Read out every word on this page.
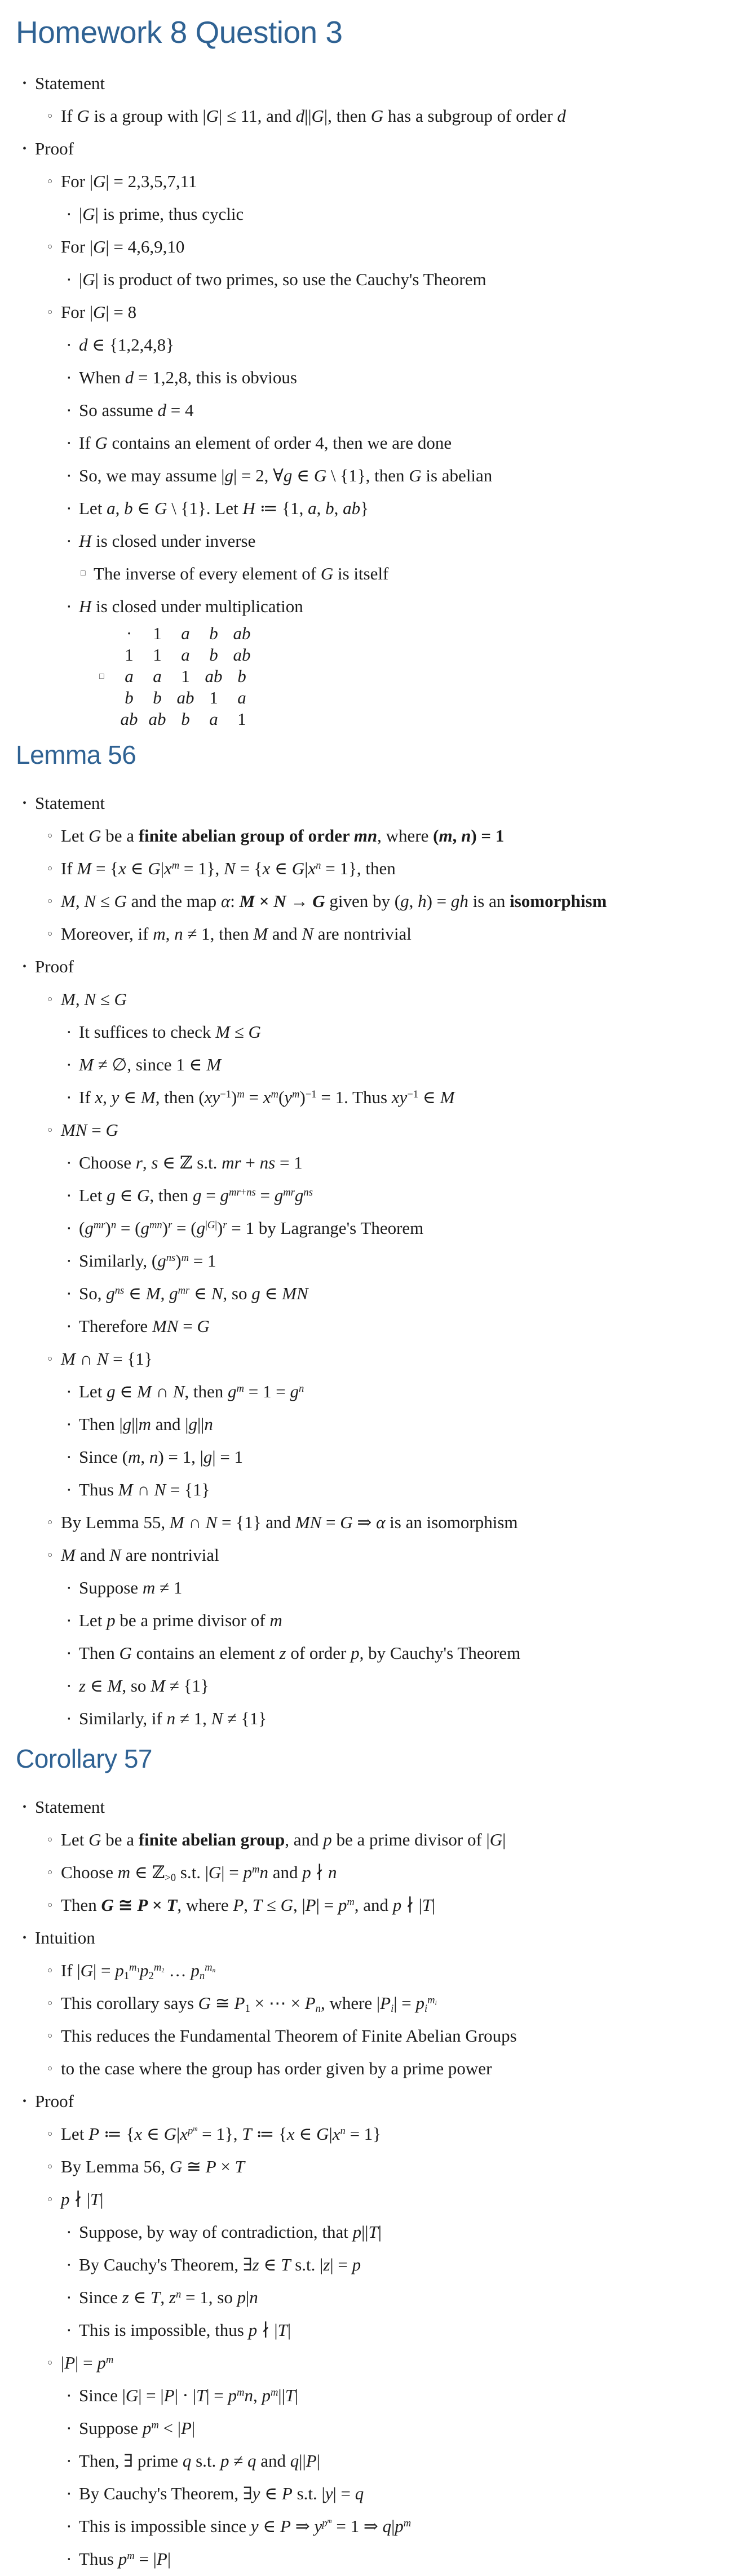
Homework 8 Question 3
• Statement
○ If G is a group with |G| ≤ 11, and d||G|, then G has a subgroup of order d
• Proof
○ For |G| = 2,3,5,7,11
▪ |G| is prime, thus cyclic
○ For |G| = 4,6,9,10
▪ |G| is product of two primes, so use the Cauchy's Theorem
○ For |G| = 8
▪ d ∈ {1,2,4,8}
▪ When d = 1,2,8, this is obvious
▪ So assume d = 4
▪ If G contains an element of order 4, then we are done
▪ So, we may assume |g| = 2, ∀g ∈ G \ {1}, then G is abelian
▪ Let a, b ∈ G \ {1}. Let H ≔ {1, a, b, ab}
▪ H is closed under inverse
□ The inverse of every element of G is itself
▪ H is closed under multiplication
□
·	1	a	b	ab
1	1	a	b	ab
a	a	1	ab	b
b	b	ab	1	a
ab	ab	b	a	1
Lemma 56
• Statement
○ Let G be a finite abelian group of order mn, where (m, n) = 1
○ If M = {x ∈ $G|x^m = 1$}, N = {x ∈ $G|x^n = 1$}, then
○ M, N ≤ G and the map α: M × N → G given by (g, h) = gh is an isomorphism
○ Moreover, if m, n ≠ 1, then M and N are nontrivial
• Proof
○ M, N ≤ G
▪ It suffices to check M ≤ G
▪ M ≠ ∅, since 1 ∈ M
▪ If x, y ∈ M, then $(xy^{-1})^m = x^m(y^m)^{-1} = 1$. Thus $xy^{-1}$ ∈ M
○ MN = G
▪ Choose r, s ∈ ℤ s.t. mr + ns = 1
▪ Let g ∈ G, then $g = g^{mr+ns} = g^{mr}g^{ns}$
▪ $(g^{mr})^n = (g^{mn})^r = (g^{|G|})^r = 1$ by Lagrange's Theorem
▪ Similarly, $(g^{ns})^m = 1$
▪ So, $g^{ns}$ ∈ M, $g^{mr}$ ∈ N, so g ∈ MN
▪ Therefore MN = G
○ M ∩ N = {1}
▪ Let g ∈ M ∩ N, then $g^m = 1 = g^n$
▪ Then |g||m and |g||n
▪ Since (m, n) = 1, |g| = 1
▪ Thus M ∩ N = {1}
○ By Lemma 55, M ∩ N = {1} and MN = G ⇒ α is an isomorphism
○ M and N are nontrivial
▪ Suppose m ≠ 1
▪ Let p be a prime divisor of m
▪ Then G contains an element z of order p, by Cauchy's Theorem
▪ z ∈ M, so M ≠ {1}
▪ Similarly, if n ≠ 1, N ≠ {1}
Corollary 57
• Statement
○ Let G be a finite abelian group, and p be a prime divisor of |G|
○ Choose m ∈ ℤ$_{>0}$ s.t. $|G| = p^mn$ and p ∤ n
○ Then G ≅ P × T, where P, T ≤ G, $|P| = p^m$, and p ∤ |T|
• Intuition
○ If $|G| = p_1^{m_1}p_2^{m_2}$ … $p_n^{m_n}$
○ This corollary says G ≅ $P_1$ × ⋯ × $P_n$, where $|P_i| = p_i^{m_i}$
○ This reduces the Fundamental Theorem of Finite Abelian Groups
○ to the case where the group has order given by a prime power
• Proof
○ Let P ≔ {x ∈ $G|x^{p^m} = 1$}, T ≔ {x ∈ $G|x^n = 1$}
○ By Lemma 56, G ≅ P × T
○ p ∤ |T|
▪ Suppose, by way of contradiction, that p||T|
▪ By Cauchy's Theorem, ∃z ∈ T s.t. |z| = p
▪ Since z ∈ T, $z^n = 1$, so p|n
▪ This is impossible, thus p ∤ |T|
○ $|P| = p^m$
▪ Since $|G| = |P| \cdot |T| = p^mn$, $p^m||T|$
▪ Suppose $p^m < |P|$
▪ Then, ∃ prime q s.t. p ≠ q and q||P|
▪ By Cauchy's Theorem, ∃y ∈ P s.t. |y| = q
▪ This is impossible since y ∈ P ⇒ $y^{p^m} = 1$ ⇒ $q|p^m$
▪ Thus $p^m = |P|$
